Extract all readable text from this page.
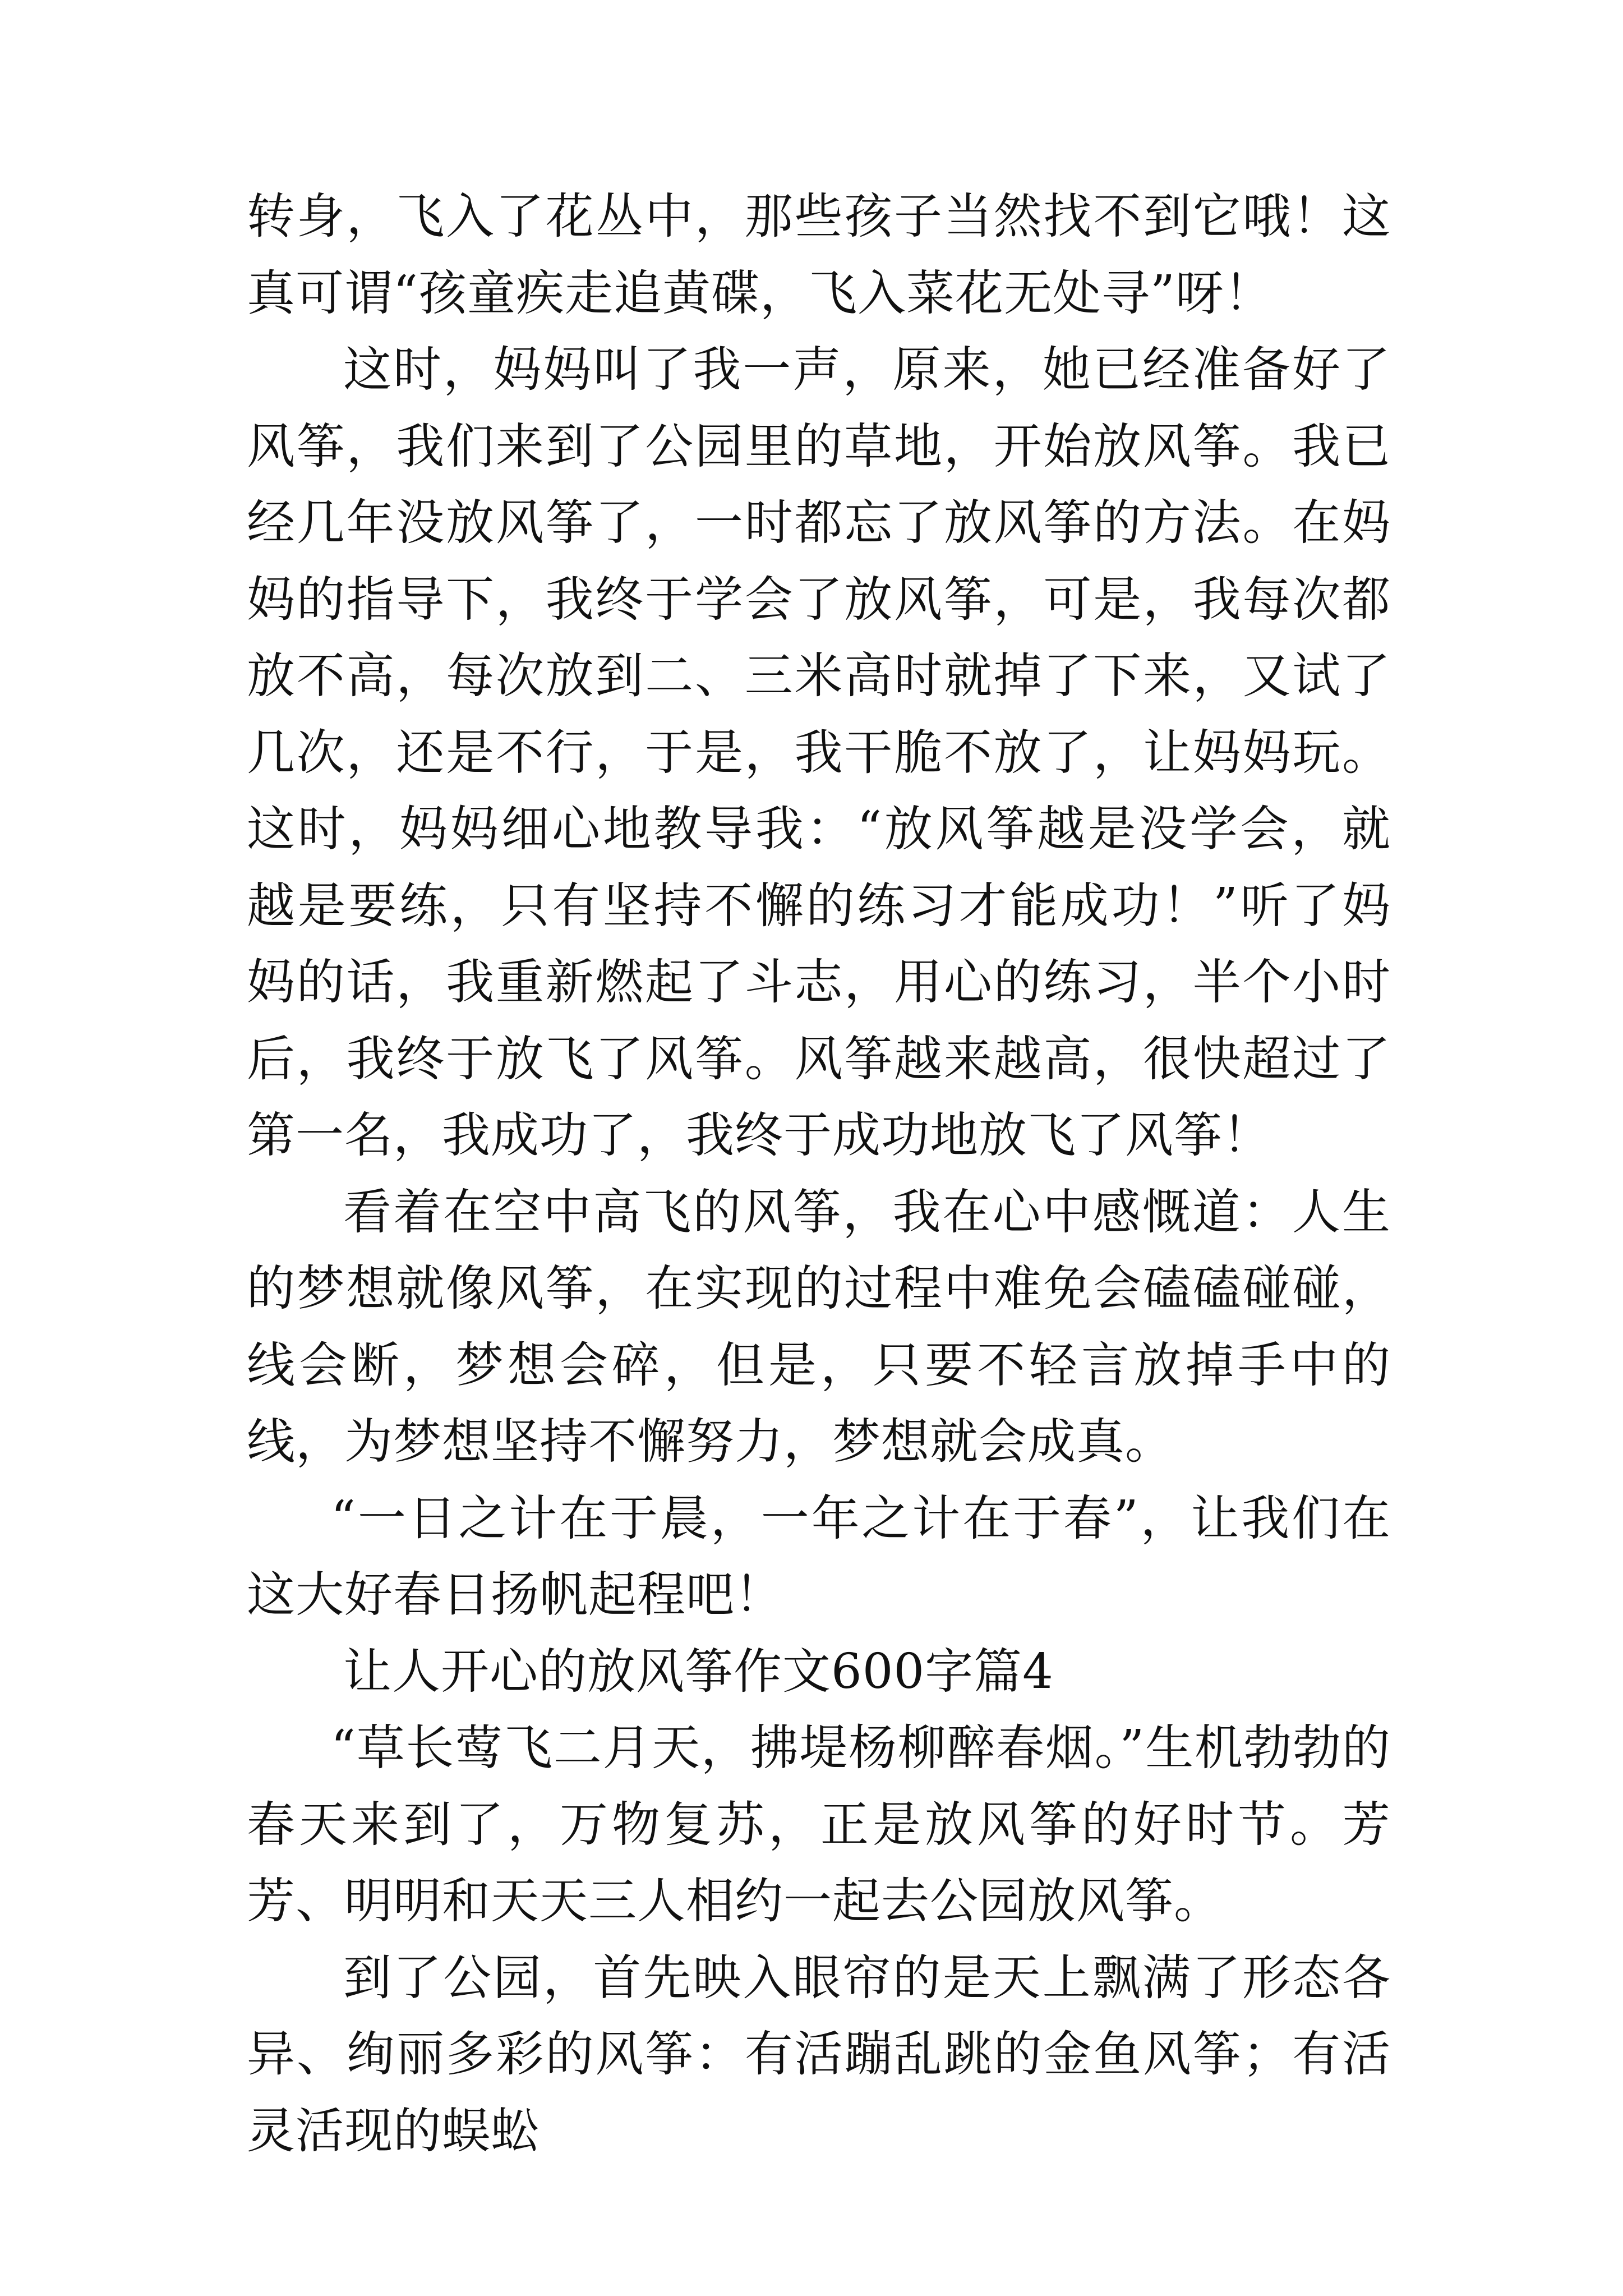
转身，飞入了花丛中，那些孩子当然找不到它哦！这真可谓“孩童疾走追黄碟，飞入菜花无处寻”呀！

这时，妈妈叫了我一声，原来，她已经准备好了风筝，我们来到了公园里的草地，开始放风筝。我已经几年没放风筝了，一时都忘了放风筝的方法。在妈妈的指导下，我终于学会了放风筝，可是，我每次都放不高，每次放到二、三米高时就掉了下来，又试了几次，还是不行，于是，我干脆不放了，让妈妈玩。这时，妈妈细心地教导我：“放风筝越是没学会，就越是要练，只有坚持不懈的练习才能成功！”听了妈妈的话，我重新燃起了斗志，用心的练习，半个小时后，我终于放飞了风筝。风筝越来越高，很快超过了第一名，我成功了，我终于成功地放飞了风筝！

看着在空中高飞的风筝，我在心中感慨道：人生的梦想就像风筝，在实现的过程中难免会磕磕碰碰，线会断，梦想会碎，但是，只要不轻言放掉手中的线，为梦想坚持不懈努力，梦想就会成真。

“一日之计在于晨，一年之计在于春”，让我们在这大好春日扬帆起程吧！

让人开心的放风筝作文600字篇4

“草长莺飞二月天，拂堤杨柳醉春烟。”生机勃勃的春天来到了，万物复苏，正是放风筝的好时节。芳芳、明明和天天三人相约一起去公园放风筝。

到了公园，首先映入眼帘的是天上飘满了形态各异、绚丽多彩的风筝：有活蹦乱跳的金鱼风筝；有活灵活现的蜈蚣
